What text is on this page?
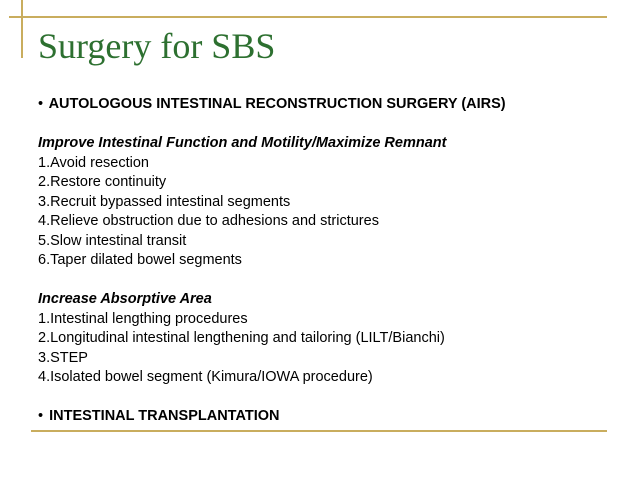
Surgery for SBS
• AUTOLOGOUS INTESTINAL RECONSTRUCTION SURGERY (AIRS)
Improve Intestinal Function and Motility/Maximize Remnant
1.Avoid resection
2.Restore continuity
3.Recruit bypassed intestinal segments
4.Relieve obstruction due to adhesions and strictures
5.Slow intestinal transit
6.Taper dilated bowel segments
Increase Absorptive Area
1.Intestinal lengthing procedures
2.Longitudinal intestinal lengthening and tailoring (LILT/Bianchi)
3.STEP
4.Isolated bowel segment (Kimura/IOWA procedure)
• INTESTINAL TRANSPLANTATION
